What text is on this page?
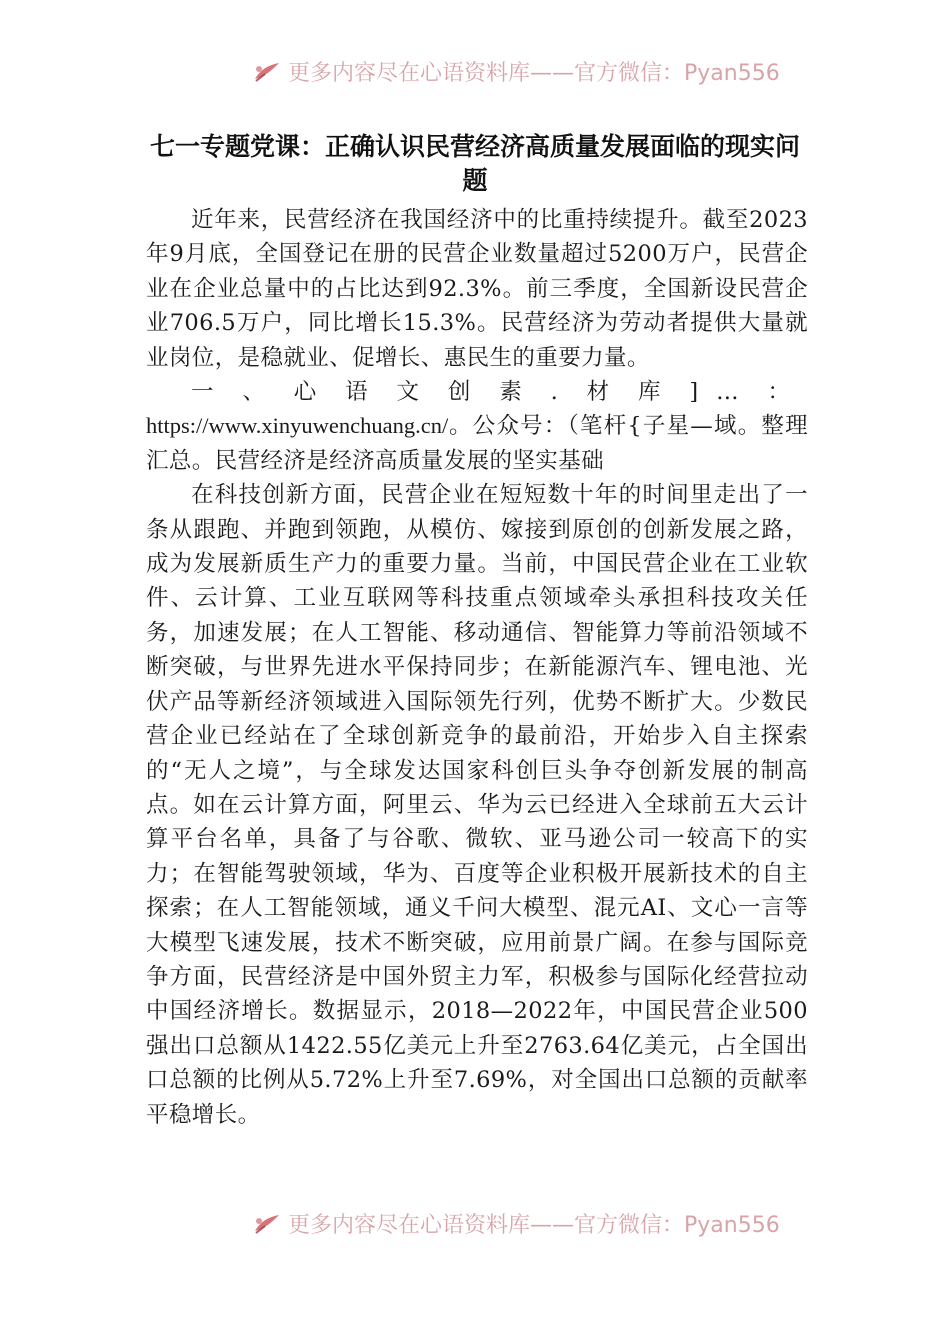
更多内容尽在心语资料库——官方微信：Pyan556
七一专题党课：正确认识民营经济高质量发展面临的现实问题

近年来，民营经济在我国经济中的比重持续提升。截至2023年9月底，全国登记在册的民营企业数量超过5200万户，民营企业在企业总量中的占比达到92.3%。前三季度，全国新设民营企业706.5万户，同比增长15.3%。民营经济为劳动者提供大量就业岗位，是稳就业、促增长、惠民生的重要力量。

一、心语文创素.材库]…：https://www.xinyuwenchuang.cn/。公众号：（笔杆{子星—域。整理汇总。民营经济是经济高质量发展的坚实基础

在科技创新方面，民营企业在短短数十年的时间里走出了一条从跟跑、并跑到领跑，从模仿、嫁接到原创的创新发展之路，成为发展新质生产力的重要力量。当前，中国民营企业在工业软件、云计算、工业互联网等科技重点领域牵头承担科技攻关任务，加速发展；在人工智能、移动通信、智能算力等前沿领域不断突破，与世界先进水平保持同步；在新能源汽车、锂电池、光伏产品等新经济领域进入国际领先行列，优势不断扩大。少数民营企业已经站在了全球创新竞争的最前沿，开始步入自主探索的“无人之境”，与全球发达国家科创巨头争夺创新发展的制高点。如在云计算方面，阿里云、华为云已经进入全球前五大云计算平台名单，具备了与谷歌、微软、亚马逊公司一较高下的实力；在智能驾驶领域，华为、百度等企业积极开展新技术的自主探索；在人工智能领域，通义千问大模型、混元AI、文心一言等大模型飞速发展，技术不断突破，应用前景广阔。在参与国际竞争方面，民营经济是中国外贸主力军，积极参与国际化经营拉动中国经济增长。数据显示，2018—2022年，中国民营企业500强出口总额从1422.55亿美元上升至2763.64亿美元，占全国出口总额的比例从5.72%上升至7.69%，对全国出口总额的贡献率平稳增长。

更多内容尽在心语资料库——官方微信：Pyan556
